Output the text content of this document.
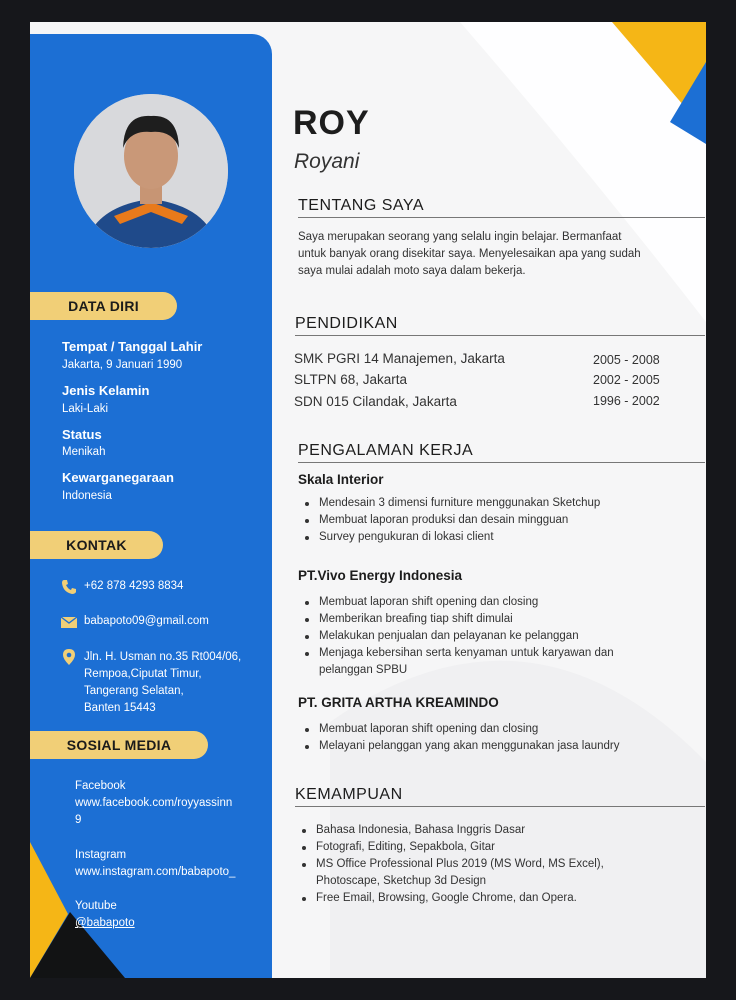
DATA DIRI
Tempat / Tanggal Lahir
Jakarta, 9 Januari 1990
Jenis Kelamin
Laki-Laki
Status
Menikah
Kewarganegaraan
Indonesia
KONTAK
+62 878 4293 8834
babapoto09@gmail.com
Jln. H. Usman no.35 Rt004/06,
Rempoa,Ciputat Timur,
Tangerang Selatan,
Banten 15443
SOSIAL MEDIA
Facebook
www.facebook.com/royyassinn
9
Instagram
www.instagram.com/babapoto_
Youtube
@babapoto
ROY
Royani
TENTANG SAYA
Saya merupakan seorang yang selalu ingin belajar. Bermanfaat
untuk banyak orang disekitar saya. Menyelesaikan apa yang sudah
saya mulai adalah moto saya dalam bekerja.
PENDIDIKAN
SMK PGRI 14 Manajemen, Jakarta	2005 - 2008
SLTPN 68, Jakarta	2002 - 2005
SDN 015 Cilandak, Jakarta	1996 - 2002
PENGALAMAN KERJA
Skala Interior
Mendesain 3 dimensi furniture menggunakan Sketchup
Membuat laporan produksi dan desain mingguan
Survey pengukuran di lokasi client
PT.Vivo Energy Indonesia
Membuat laporan shift opening dan closing
Memberikan breafing tiap shift dimulai
Melakukan penjualan dan pelayanan ke pelanggan
Menjaga kebersihan serta kenyaman untuk karyawan dan
pelanggan SPBU
PT. GRITA ARTHA KREAMINDO
Membuat laporan shift opening dan closing
Melayani pelanggan yang akan menggunakan jasa laundry
KEMAMPUAN
Bahasa Indonesia, Bahasa Inggris Dasar
Fotografi, Editing, Sepakbola, Gitar
MS Office Professional Plus 2019 (MS Word, MS Excel),
Photoscape, Sketchup 3d Design
Free Email, Browsing, Google Chrome, dan Opera.
